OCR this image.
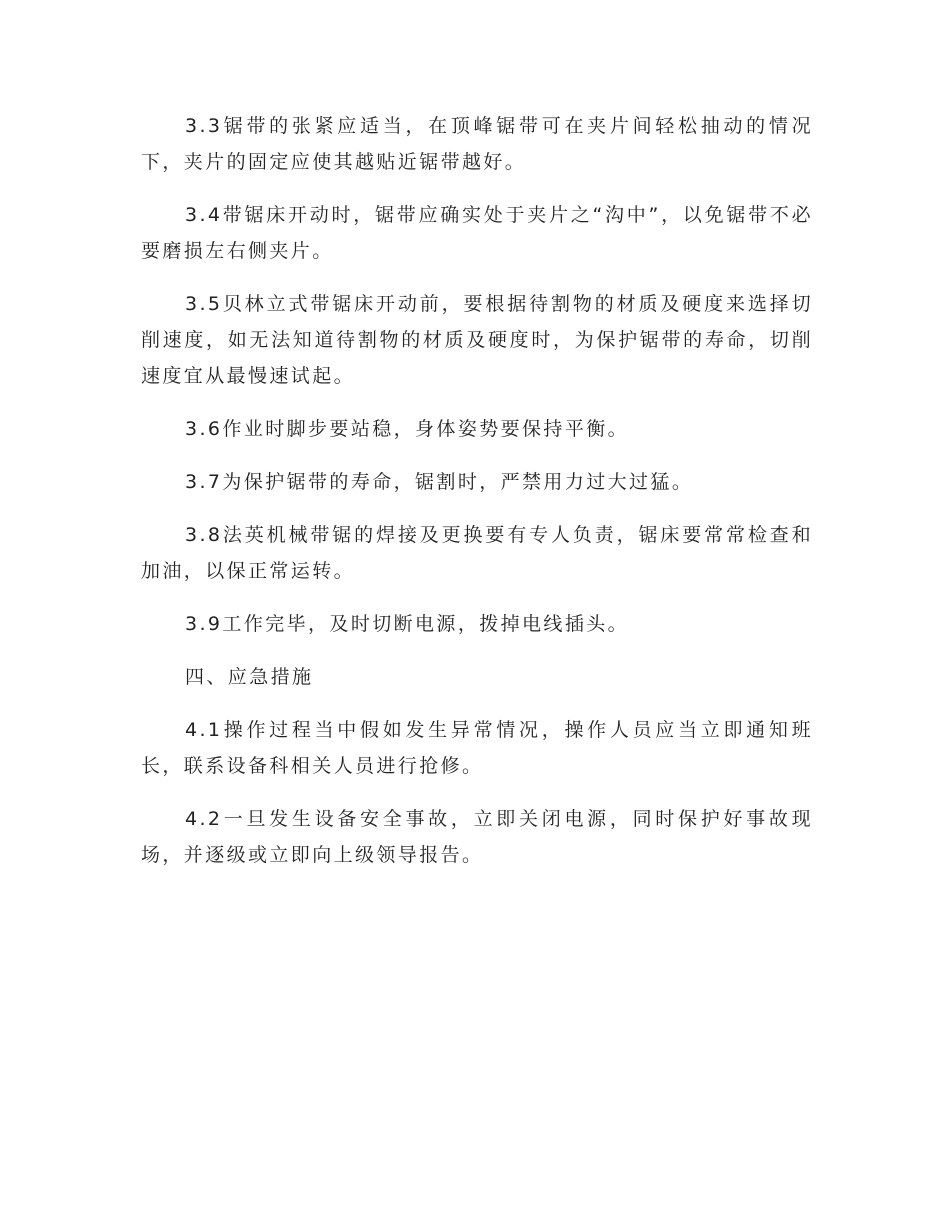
3.3锯带的张紧应适当，在顶峰锯带可在夹片间轻松抽动的情况下，夹片的固定应使其越贴近锯带越好。

3.4带锯床开动时，锯带应确实处于夹片之“沟中”，以免锯带不必要磨损左右侧夹片。

3.5贝林立式带锯床开动前，要根据待割物的材质及硬度来选择切削速度，如无法知道待割物的材质及硬度时，为保护锯带的寿命，切削速度宜从最慢速试起。

3.6作业时脚步要站稳，身体姿势要保持平衡。

3.7为保护锯带的寿命，锯割时，严禁用力过大过猛。

3.8法英机械带锯的焊接及更换要有专人负责，锯床要常常检查和加油，以保正常运转。

3.9工作完毕，及时切断电源，拨掉电线插头。

四、应急措施

4.1操作过程当中假如发生异常情况，操作人员应当立即通知班长，联系设备科相关人员进行抢修。

4.2一旦发生设备安全事故，立即关闭电源，同时保护好事故现场，并逐级或立即向上级领导报告。
